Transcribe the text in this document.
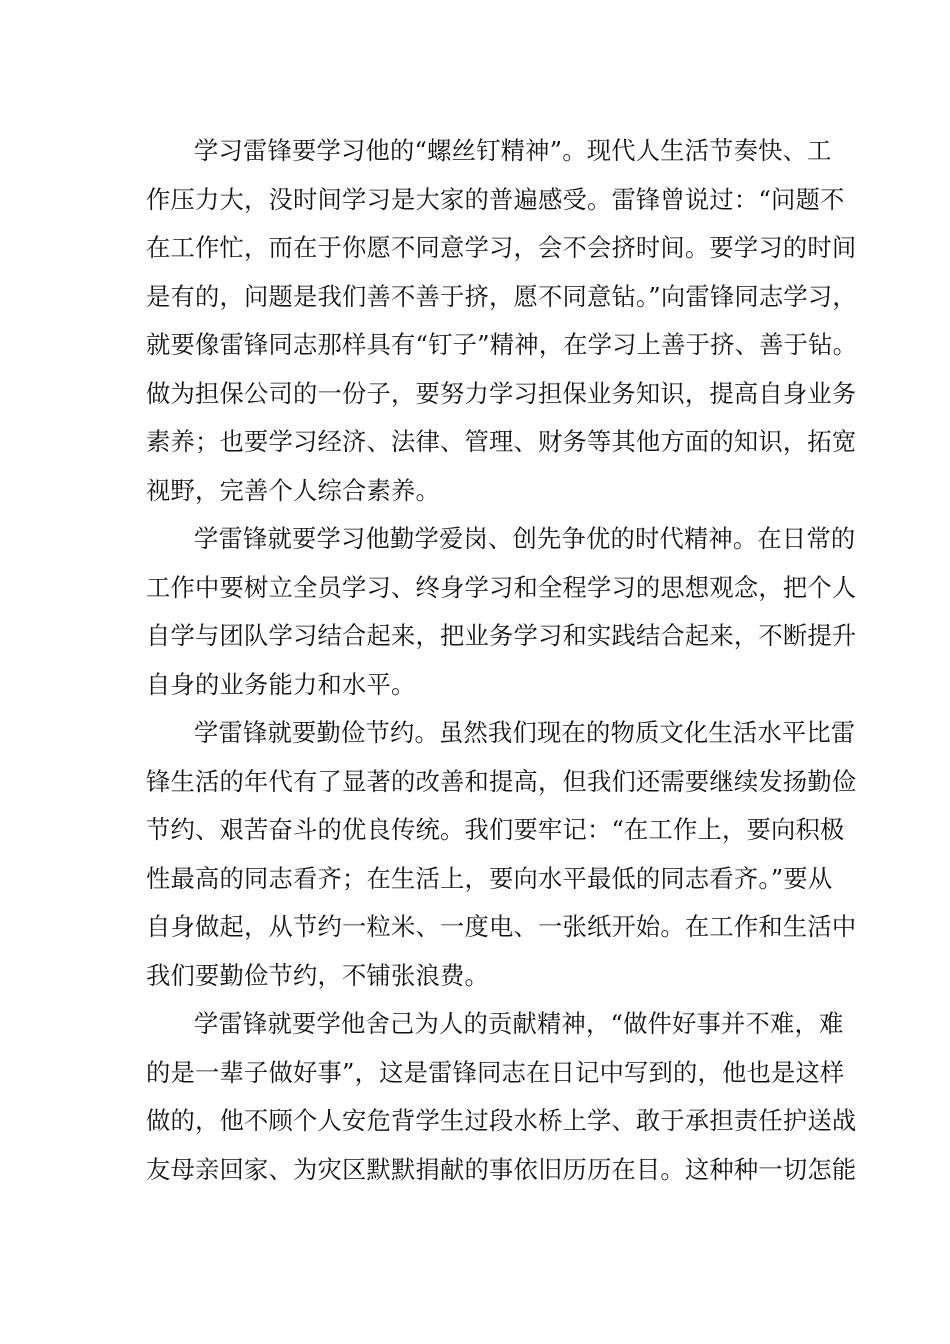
学习雷锋要学习他的“螺丝钉精神”。现代人生活节奏快、工
作压力大，没时间学习是大家的普遍感受。雷锋曾说过：“问题不
在工作忙，而在于你愿不同意学习，会不会挤时间。要学习的时间
是有的，问题是我们善不善于挤，愿不同意钻。”向雷锋同志学习，
就要像雷锋同志那样具有“钉子”精神，在学习上善于挤、善于钻。
做为担保公司的一份子，要努力学习担保业务知识，提高自身业务
素养；也要学习经济、法律、管理、财务等其他方面的知识，拓宽
视野，完善个人综合素养。
学雷锋就要学习他勤学爱岗、创先争优的时代精神。在日常的
工作中要树立全员学习、终身学习和全程学习的思想观念，把个人
自学与团队学习结合起来，把业务学习和实践结合起来，不断提升
自身的业务能力和水平。
学雷锋就要勤俭节约。虽然我们现在的物质文化生活水平比雷
锋生活的年代有了显著的改善和提高，但我们还需要继续发扬勤俭
节约、艰苦奋斗的优良传统。我们要牢记：“在工作上，要向积极
性最高的同志看齐；在生活上，要向水平最低的同志看齐。”要从
自身做起，从节约一粒米、一度电、一张纸开始。在工作和生活中
我们要勤俭节约，不铺张浪费。
学雷锋就要学他舍己为人的贡献精神，“做件好事并不难，难
的是一辈子做好事”，这是雷锋同志在日记中写到的，他也是这样
做的，他不顾个人安危背学生过段水桥上学、敢于承担责任护送战
友母亲回家、为灾区默默捐献的事依旧历历在目。这种种一切怎能
